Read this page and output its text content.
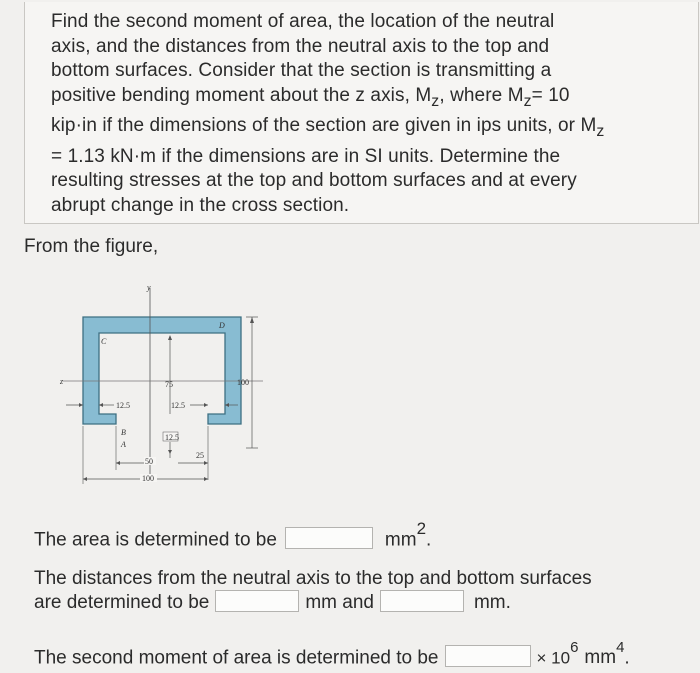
Find the second moment of area, the location of the neutral
axis, and the distances from the neutral axis to the top and
bottom surfaces. Consider that the section is transmitting a
positive bending moment about the z axis, $M_z$, where $M_z= 10$
kip·in if the dimensions of the section are given in ips units, or $M_z$
= 1.13 kN·m if the dimensions are in SI units. Determine the
resulting stresses at the top and bottom surfaces and at every
abrupt change in the cross section.
From the figure,
y
z
C
D
B
A
75	100
12.5	12.5
12.5
25
50
100
The area is determined to be	$mm^2$.
The distances from the neutral axis to the top and bottom surfaces
are determined to be	mm and	mm.
The second moment of area is determined to be	× $10^6$ $mm^4$.
